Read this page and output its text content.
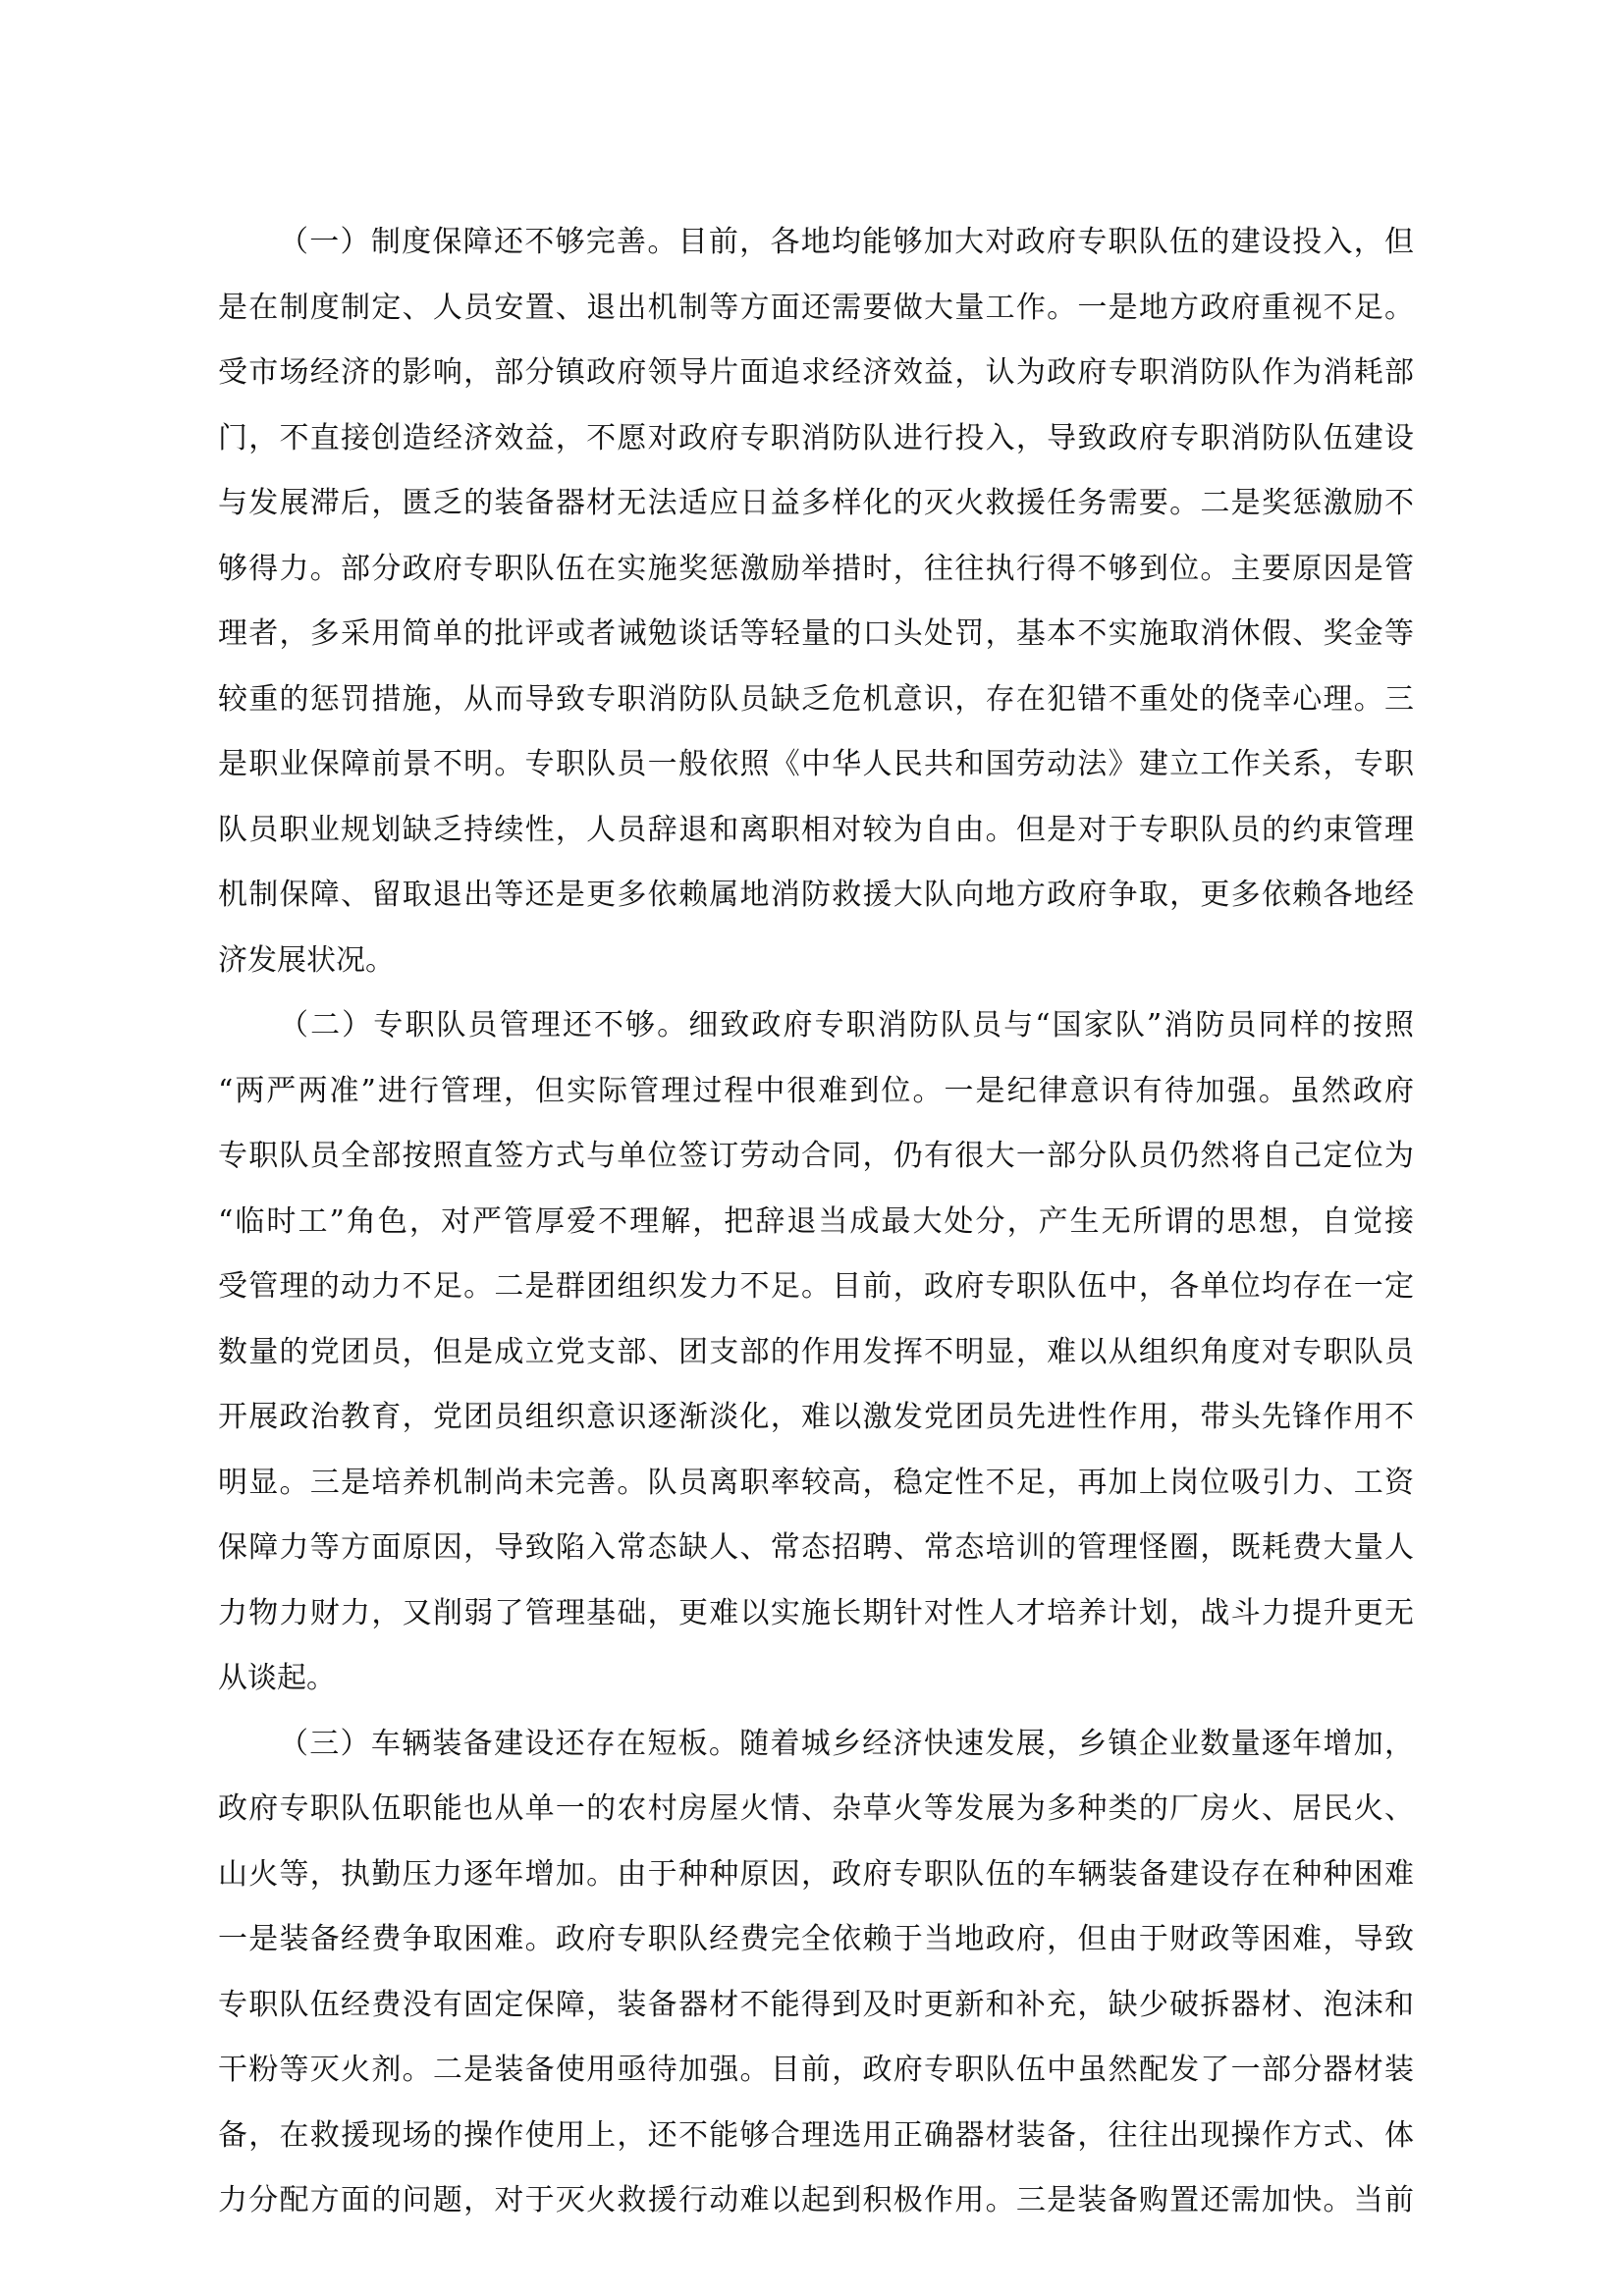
（一）制度保障还不够完善。目前，各地均能够加大对政府专职队伍的建设投入，但
是在制度制定、人员安置、退出机制等方面还需要做大量工作。一是地方政府重视不足。
受市场经济的影响，部分镇政府领导片面追求经济效益，认为政府专职消防队作为消耗部
门，不直接创造经济效益，不愿对政府专职消防队进行投入，导致政府专职消防队伍建设
与发展滞后，匮乏的装备器材无法适应日益多样化的灭火救援任务需要。二是奖惩激励不
够得力。部分政府专职队伍在实施奖惩激励举措时，往往执行得不够到位。主要原因是管
理者，多采用简单的批评或者诫勉谈话等轻量的口头处罚，基本不实施取消休假、奖金等
较重的惩罚措施，从而导致专职消防队员缺乏危机意识，存在犯错不重处的侥幸心理。三
是职业保障前景不明。专职队员一般依照《中华人民共和国劳动法》建立工作关系，专职
队员职业规划缺乏持续性，人员辞退和离职相对较为自由。但是对于专职队员的约束管理
机制保障、留取退出等还是更多依赖属地消防救援大队向地方政府争取，更多依赖各地经
济发展状况。
（二）专职队员管理还不够。细致政府专职消防队员与“国家队”消防员同样的按照
“两严两准”进行管理，但实际管理过程中很难到位。一是纪律意识有待加强。虽然政府
专职队员全部按照直签方式与单位签订劳动合同，仍有很大一部分队员仍然将自己定位为
“临时工”角色，对严管厚爱不理解，把辞退当成最大处分，产生无所谓的思想，自觉接
受管理的动力不足。二是群团组织发力不足。目前，政府专职队伍中，各单位均存在一定
数量的党团员，但是成立党支部、团支部的作用发挥不明显，难以从组织角度对专职队员
开展政治教育，党团员组织意识逐渐淡化，难以激发党团员先进性作用，带头先锋作用不
明显。三是培养机制尚未完善。队员离职率较高，稳定性不足，再加上岗位吸引力、工资
保障力等方面原因，导致陷入常态缺人、常态招聘、常态培训的管理怪圈，既耗费大量人
力物力财力，又削弱了管理基础，更难以实施长期针对性人才培养计划，战斗力提升更无
从谈起。
（三）车辆装备建设还存在短板。随着城乡经济快速发展，乡镇企业数量逐年增加，
政府专职队伍职能也从单一的农村房屋火情、杂草火等发展为多种类的厂房火、居民火、
山火等，执勤压力逐年增加。由于种种原因，政府专职队伍的车辆装备建设存在种种困难
一是装备经费争取困难。政府专职队经费完全依赖于当地政府，但由于财政等困难，导致
专职队伍经费没有固定保障，装备器材不能得到及时更新和补充，缺少破拆器材、泡沫和
干粉等灭火剂。二是装备使用亟待加强。目前，政府专职队伍中虽然配发了一部分器材装
备，在救援现场的操作使用上，还不能够合理选用正确器材装备，往往出现操作方式、体
力分配方面的问题，对于灭火救援行动难以起到积极作用。三是装备购置还需加快。当前
